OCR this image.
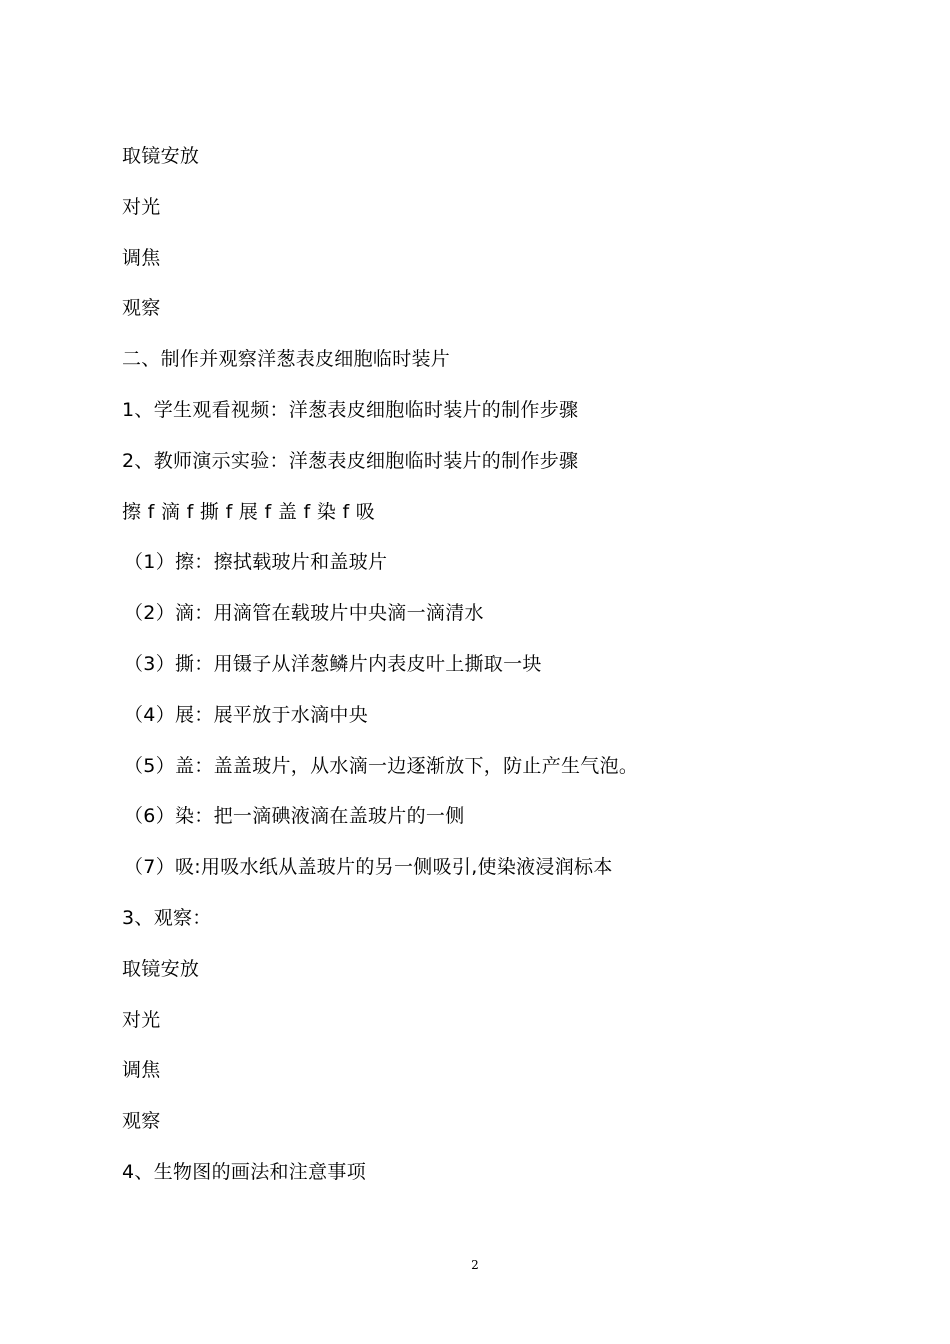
取镜安放
对光
调焦
观察
二、制作并观察洋葱表皮细胞临时装片
1、学生观看视频：洋葱表皮细胞临时装片的制作步骤
2、教师演示实验：洋葱表皮细胞临时装片的制作步骤
擦 f 滴 f 撕 f 展 f 盖 f 染 f 吸
（1）擦：擦拭载玻片和盖玻片
（2）滴：用滴管在载玻片中央滴一滴清水
（3）撕：用镊子从洋葱鳞片内表皮叶上撕取一块
（4）展：展平放于水滴中央
（5）盖：盖盖玻片，从水滴一边逐渐放下，防止产生气泡。
（6）染：把一滴碘液滴在盖玻片的一侧
（7）吸:用吸水纸从盖玻片的另一侧吸引,使染液浸润标本
3、观察：
取镜安放
对光
调焦
观察
4、生物图的画法和注意事项
2
